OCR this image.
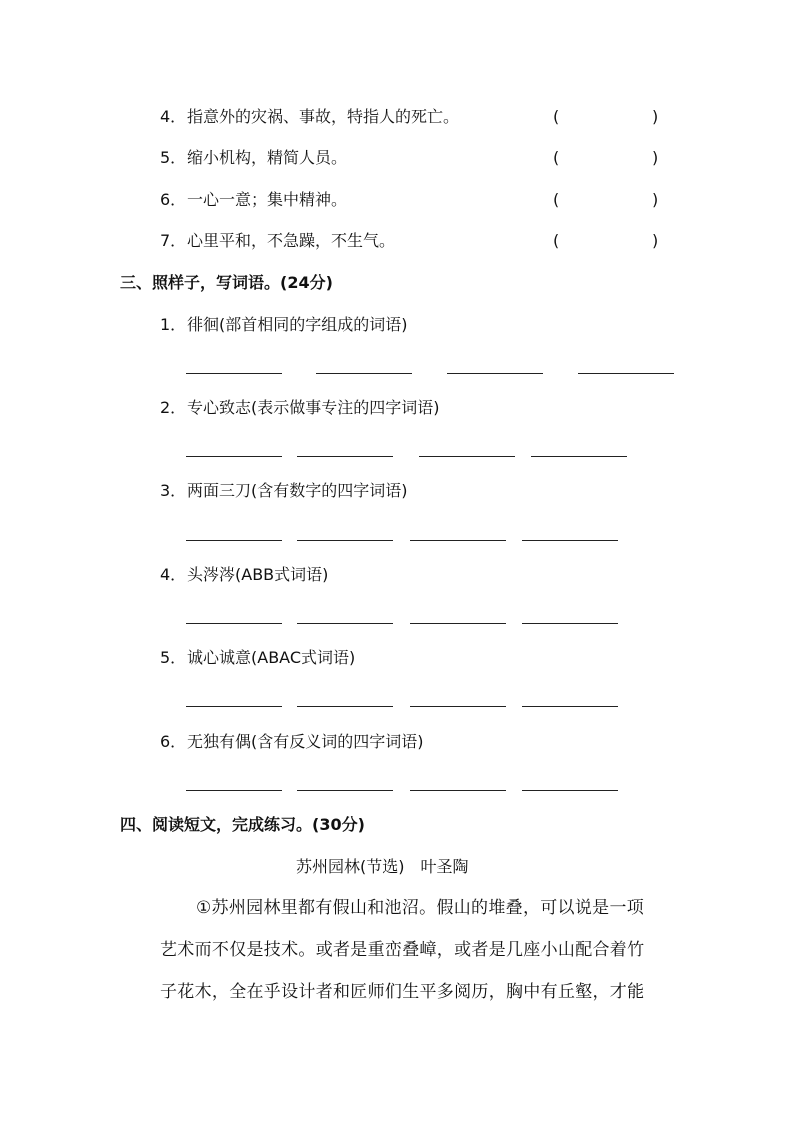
4． 指意外的灾祸、事故，特指人的死亡。	(	)
5． 缩小机构，精简人员。	(	)
6． 一心一意；集中精神。	(	)
7． 心里平和，不急躁，不生气。	(	)
三、照样子，写词语。(24分)
1． 徘徊(部首相同的字组成的词语)
2． 专心致志(表示做事专注的四字词语)
3． 两面三刀(含有数字的四字词语)
4． 头涔涔(ABB式词语)
5． 诚心诚意(ABAC式词语)
6． 无独有偶(含有反义词的四字词语)
四、阅读短文，完成练习。(30分)
苏州园林(节选)　叶圣陶
①苏州园林里都有假山和池沼。假山的堆叠，可以说是一项
艺术而不仅是技术。或者是重峦叠嶂，或者是几座小山配合着竹
子花木，全在乎设计者和匠师们生平多阅历，胸中有丘壑，才能
